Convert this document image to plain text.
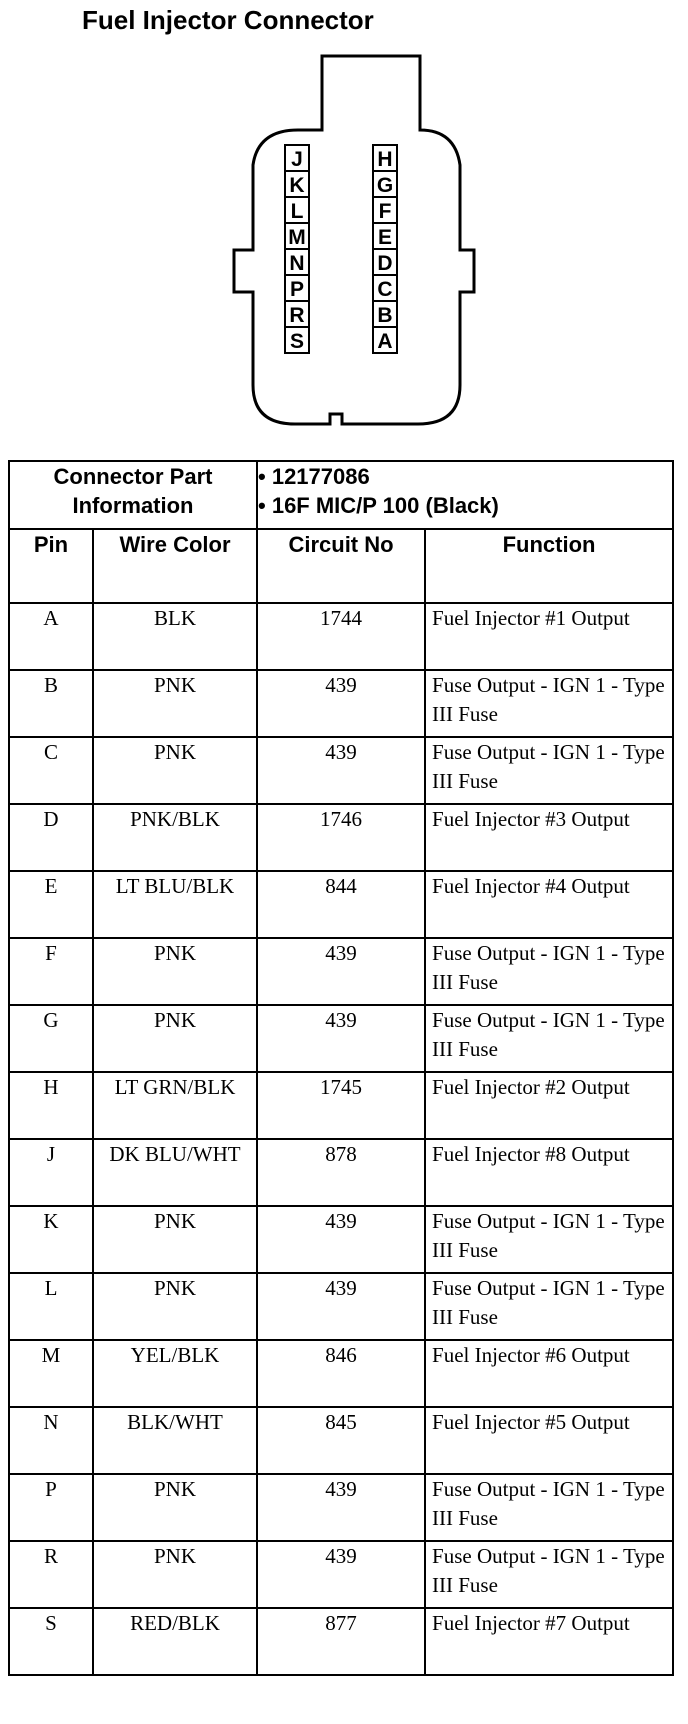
Fuel Injector Connector
J
K
L
M
N
P
R
S
H
G
F
E
D
C
B
A
Connector Part Information		• 12177086
• 16F MIC/P 100 (Black)	

Pin	Wire Color	Circuit No	Function
A	BLK	1744	Fuel Injector #1 Output
B	PNK	439	Fuse Output - IGN 1 - Type III Fuse
C	PNK	439	Fuse Output - IGN 1 - Type III Fuse
D	PNK/BLK	1746	Fuel Injector #3 Output
E	LT BLU/BLK	844	Fuel Injector #4 Output
F	PNK	439	Fuse Output - IGN 1 - Type III Fuse
G	PNK	439	Fuse Output - IGN 1 - Type III Fuse
H	LT GRN/BLK	1745	Fuel Injector #2 Output
J	DK BLU/WHT	878	Fuel Injector #8 Output
K	PNK	439	Fuse Output - IGN 1 - Type III Fuse
L	PNK	439	Fuse Output - IGN 1 - Type III Fuse
M	YEL/BLK	846	Fuel Injector #6 Output
N	BLK/WHT	845	Fuel Injector #5 Output
P	PNK	439	Fuse Output - IGN 1 - Type III Fuse
R	PNK	439	Fuse Output - IGN 1 - Type III Fuse
S	RED/BLK	877	Fuel Injector #7 Output
